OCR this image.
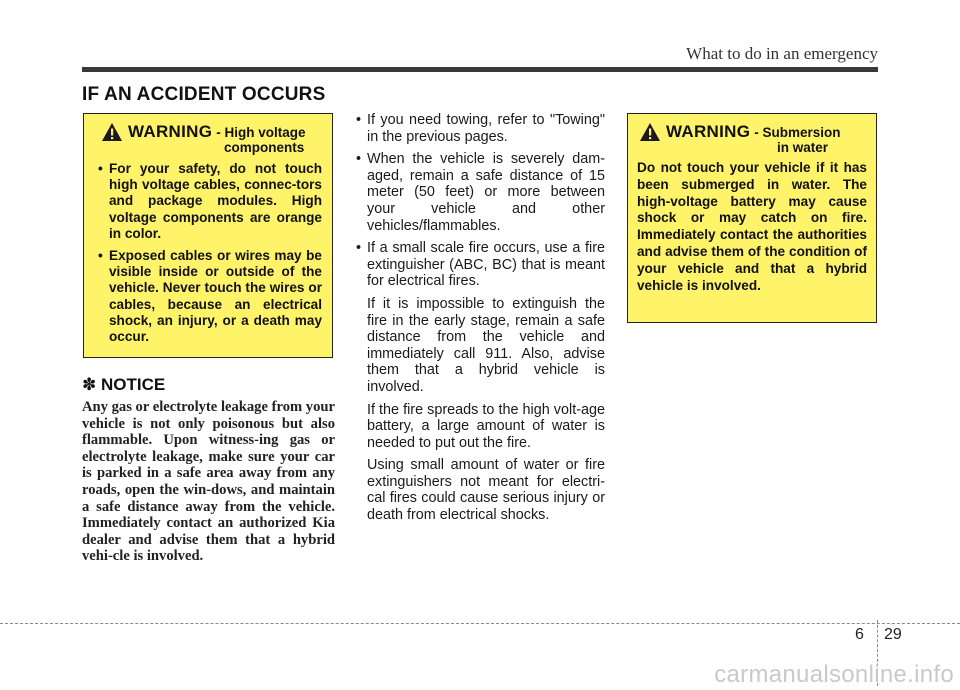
What to do in an emergency
IF AN ACCIDENT OCCURS
WARNING - High voltage
components
• For your safety, do not touch high voltage cables, connec-tors and package modules. High voltage components are orange in color.
• Exposed cables or wires may be visible inside or outside of the vehicle. Never touch the wires or cables, because an electrical shock, an injury, or a death may occur.
✽ NOTICE
Any gas or electrolyte leakage from your vehicle is not only poisonous but also flammable. Upon witness-ing gas or electrolyte leakage, make sure your car is parked in a safe area away from any roads, open the win-dows, and maintain a safe distance away from the vehicle. Immediately contact an authorized Kia dealer and advise them that a hybrid vehi-cle is involved.
• If you need towing, refer to "Towing" in the previous pages.
• When the vehicle is severely dam-aged, remain a safe distance of 15 meter (50 feet) or more between your vehicle and other vehicles/flammables.
• If a small scale fire occurs, use a fire extinguisher (ABC, BC) that is meant for electrical fires.

If it is impossible to extinguish the fire in the early stage, remain a safe distance from the vehicle and immediately call 911. Also, advise them that a hybrid vehicle is involved.

If the fire spreads to the high volt-age battery, a large amount of water is needed to put out the fire.

Using small amount of water or fire extinguishers not meant for electri-cal fires could cause serious injury or death from electrical shocks.

WARNING - Submersion
in water
Do not touch your vehicle if it has been submerged in water. The high-voltage battery may cause shock or may catch on fire. Immediately contact the authorities and advise them of the condition of your vehicle and that a hybrid vehicle is involved.
6 29
carmanualsonline.info
